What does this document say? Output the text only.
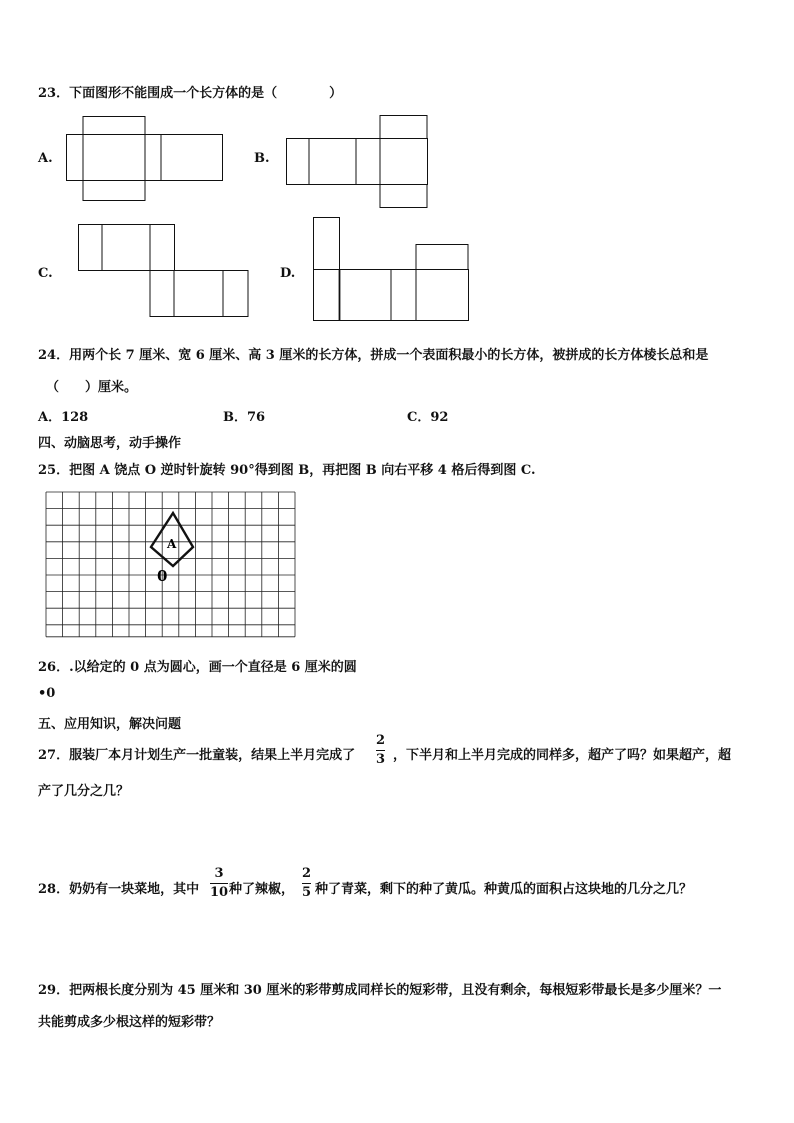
23．下面图形不能围成一个长方体的是（　　　　）
A.	B.
C.	D.
24．用两个长 7 厘米、宽 6 厘米、高 3 厘米的长方体，拼成一个表面积最小的长方体，被拼成的长方体棱长总和是
（　　）厘米。
A．128	B．76	C．92
四、动脑思考，动手操作
25．把图 A 饶点 O 逆时针旋转 90°得到图 B，再把图 B 向右平移 4 格后得到图 C.
A
0
26．.以给定的 0 点为圆心，画一个直径是 6 厘米的圆
•0
五、应用知识，解决问题
27．服装厂本月计划生产一批童装，结果上半月完成了
2
3 ，下半月和上半月完成的同样多，超产了吗？如果超产，超
产了几分之几？
28．奶奶有一块菜地，其中
3
10 种了辣椒，
2
5 种了青菜，剩下的种了黄瓜。种黄瓜的面积占这块地的几分之几？
29．把两根长度分别为 45 厘米和 30 厘米的彩带剪成同样长的短彩带，且没有剩余，每根短彩带最长是多少厘米？一
共能剪成多少根这样的短彩带？
